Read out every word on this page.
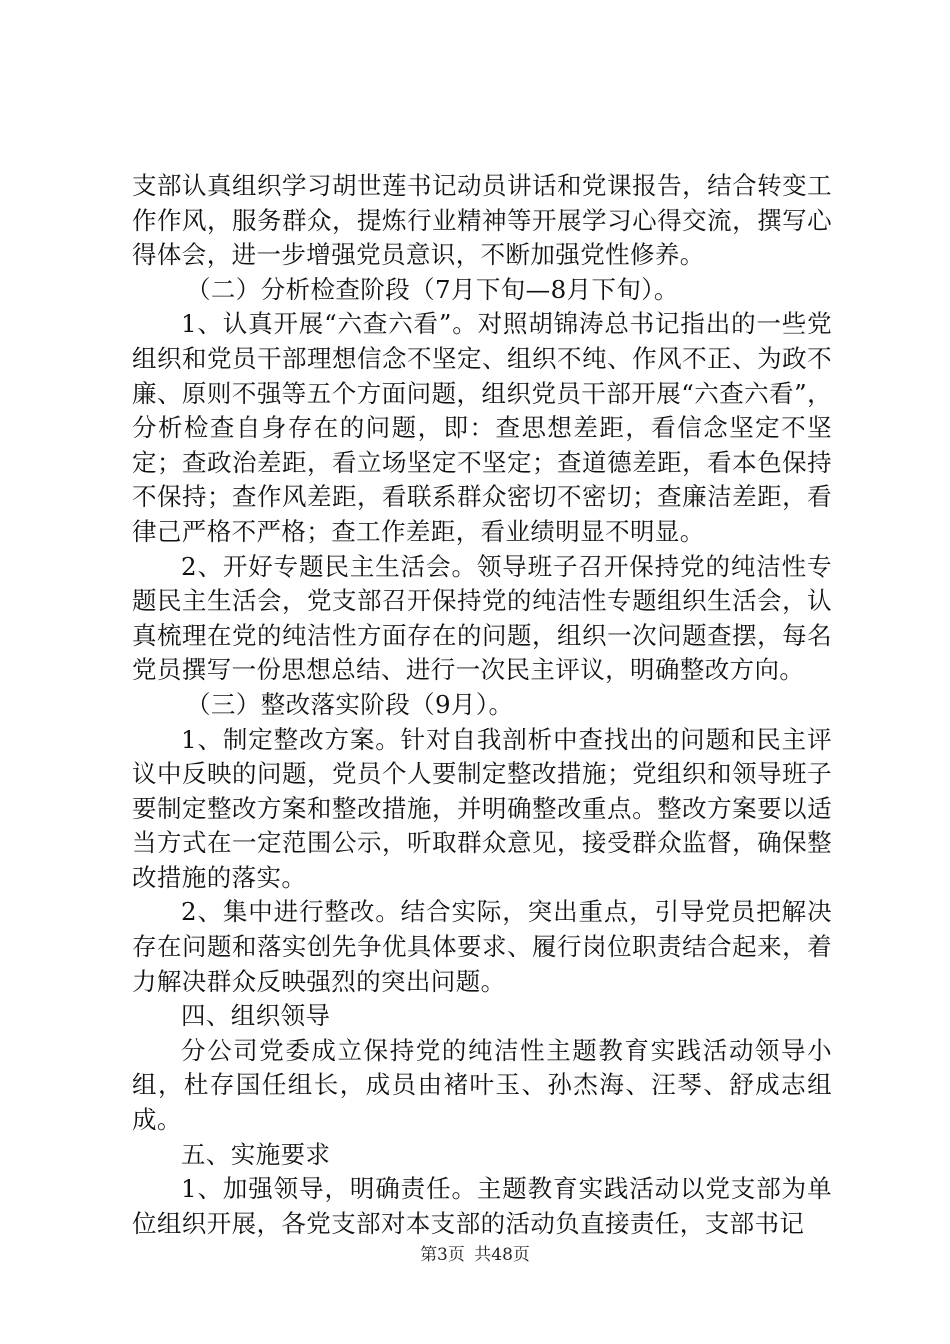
支部认真组织学习胡世莲书记动员讲话和党课报告，结合转变工作作风，服务群众，提炼行业精神等开展学习心得交流，撰写心得体会，进一步增强党员意识，不断加强党性修养。

（二）分析检查阶段（7月下旬—8月下旬）。

1、认真开展“六查六看”。对照胡锦涛总书记指出的一些党组织和党员干部理想信念不坚定、组织不纯、作风不正、为政不廉、原则不强等五个方面问题，组织党员干部开展“六查六看”，分析检查自身存在的问题，即：查思想差距，看信念坚定不坚定；查政治差距，看立场坚定不坚定；查道德差距，看本色保持不保持；查作风差距，看联系群众密切不密切；查廉洁差距，看律己严格不严格；查工作差距，看业绩明显不明显。

2、开好专题民主生活会。领导班子召开保持党的纯洁性专题民主生活会，党支部召开保持党的纯洁性专题组织生活会，认真梳理在党的纯洁性方面存在的问题，组织一次问题查摆，每名党员撰写一份思想总结、进行一次民主评议，明确整改方向。

（三）整改落实阶段（9月）。

1、制定整改方案。针对自我剖析中查找出的问题和民主评议中反映的问题，党员个人要制定整改措施；党组织和领导班子要制定整改方案和整改措施，并明确整改重点。整改方案要以适当方式在一定范围公示，听取群众意见，接受群众监督，确保整改措施的落实。

2、集中进行整改。结合实际，突出重点，引导党员把解决存在问题和落实创先争优具体要求、履行岗位职责结合起来，着力解决群众反映强烈的突出问题。

四、组织领导

分公司党委成立保持党的纯洁性主题教育实践活动领导小组，杜存国任组长，成员由褚叶玉、孙杰海、汪琴、舒成志组成。

五、实施要求

1、加强领导，明确责任。主题教育实践活动以党支部为单位组织开展，各党支部对本支部的活动负直接责任，支部书记

第3页 共48页
